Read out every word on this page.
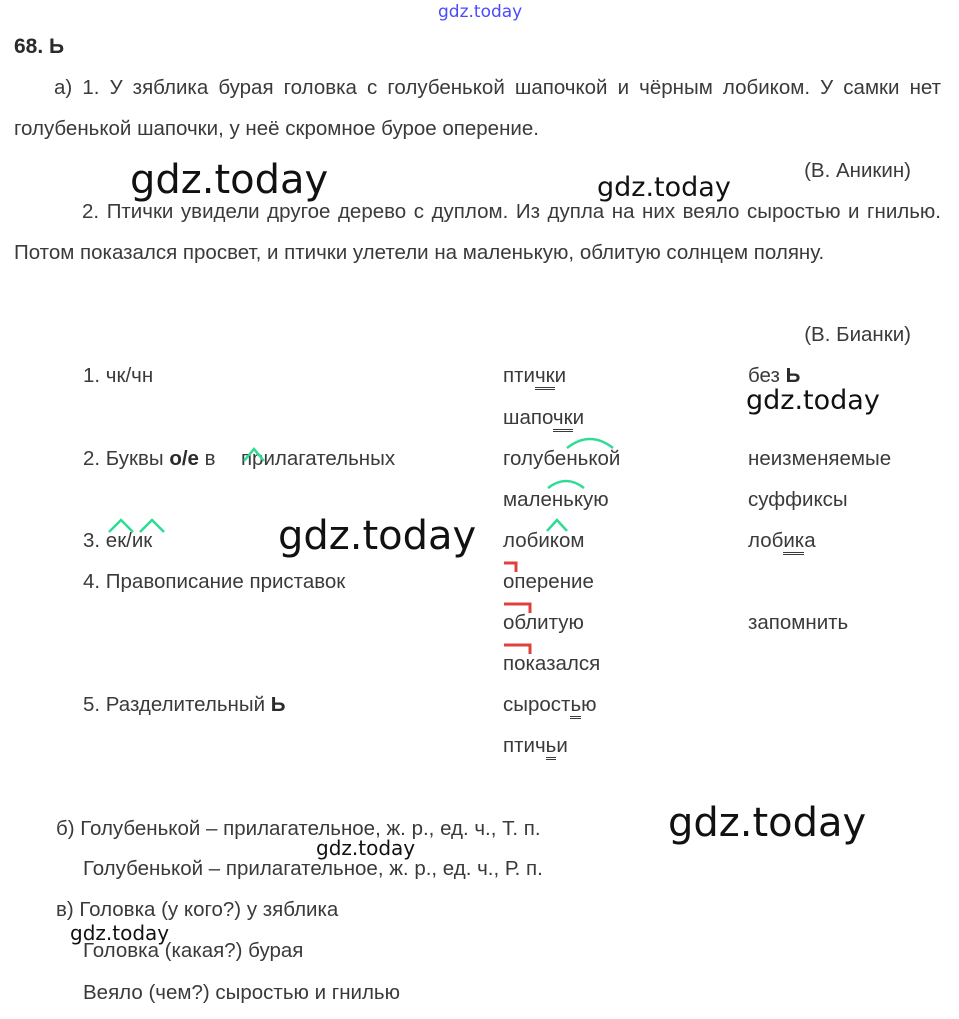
gdz.today
gdz.today	gdz.today
gdz.today
gdz.today
gdz.today
gdz.today
gdz.today
68. Ь
а) 1. У зяблика бурая головка с голубенькой шапочкой и чёрным лобиком. У самки нет голубенькой шапочки, у неё скромное бурое оперение.
(В. Аникин)
2. Птички увидели другое дерево с дуплом. Из дупла на них веяло сыростью и гнилью. Потом показался просвет, и птички улетели на маленькую, облитую солнцем поляну.
(В. Бианки)
1. чк/чн
2. Буквы о/е в  прилагательных
3. ек/ик
4. Правописание приставок
5. Разделительный Ь
птички
шапочки
голубенькой
маленькую
лобиком
оперение
облитую
показался
сыростью
птичьи
без Ь
неизменяемые
суффиксы
лобика
запомнить
б) Голубенькой – прилагательное, ж. р., ед. ч., Т. п.
Голубенькой – прилагательное, ж. р., ед. ч., Р. п.
в) Головка (у кого?) у зяблика
Головка (какая?) бурая
Веяло (чем?) сыростью и гнилью
